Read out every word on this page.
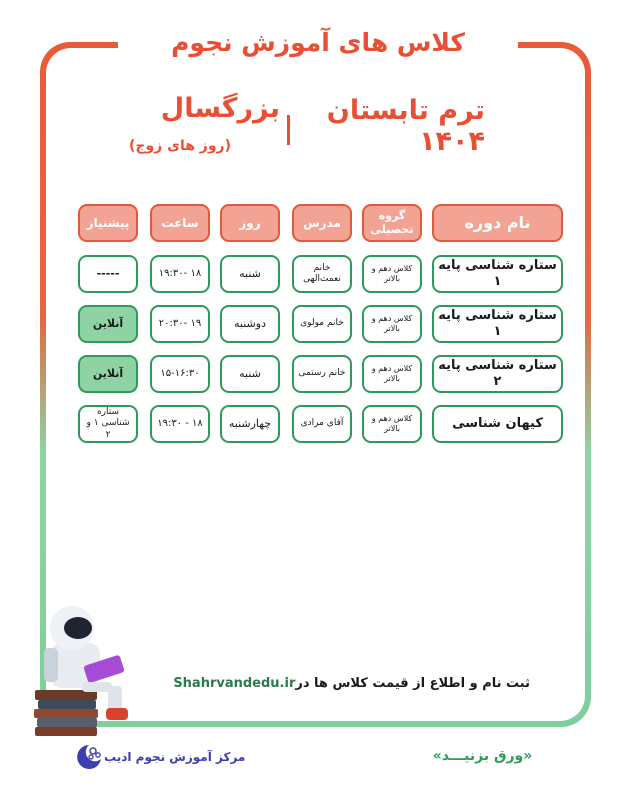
کلاس های آموزش نجوم
ترم تابستان ۱۴۰۴
بزرگسال
(روز های زوج)
نام دوره
گروه تحصیلی
مدرس
روز
ساعت
پیشنیاز
ستاره شناسی پایه ۱
کلاس دهم و بالاتر
خانم نعمت‌الهی
شنبه
۱۸ -۱۹:۳۰
-----
ستاره شناسی پایه ۱
کلاس دهم و بالاتر
خانم مولوی
دوشنبه
۱۹ -۲۰:۳۰
آنلاین
ستاره شناسی پایه ۲
کلاس دهم و بالاتر
خانم رستمی
شنبه
۱۵-۱۶:۳۰
آنلاین
کیهان شناسی
کلاس دهم و بالاتر
آقای مرادی
چهارشنبه
۱۸ - ۱۹:۳۰
ستاره شناسی ۱ و ۲
ثبت نام و اطلاع از قیمت کلاس ها درShahrvandedu.ir
مرکز آموزش نجوم ادیب	«ورق بزنیـــد»
